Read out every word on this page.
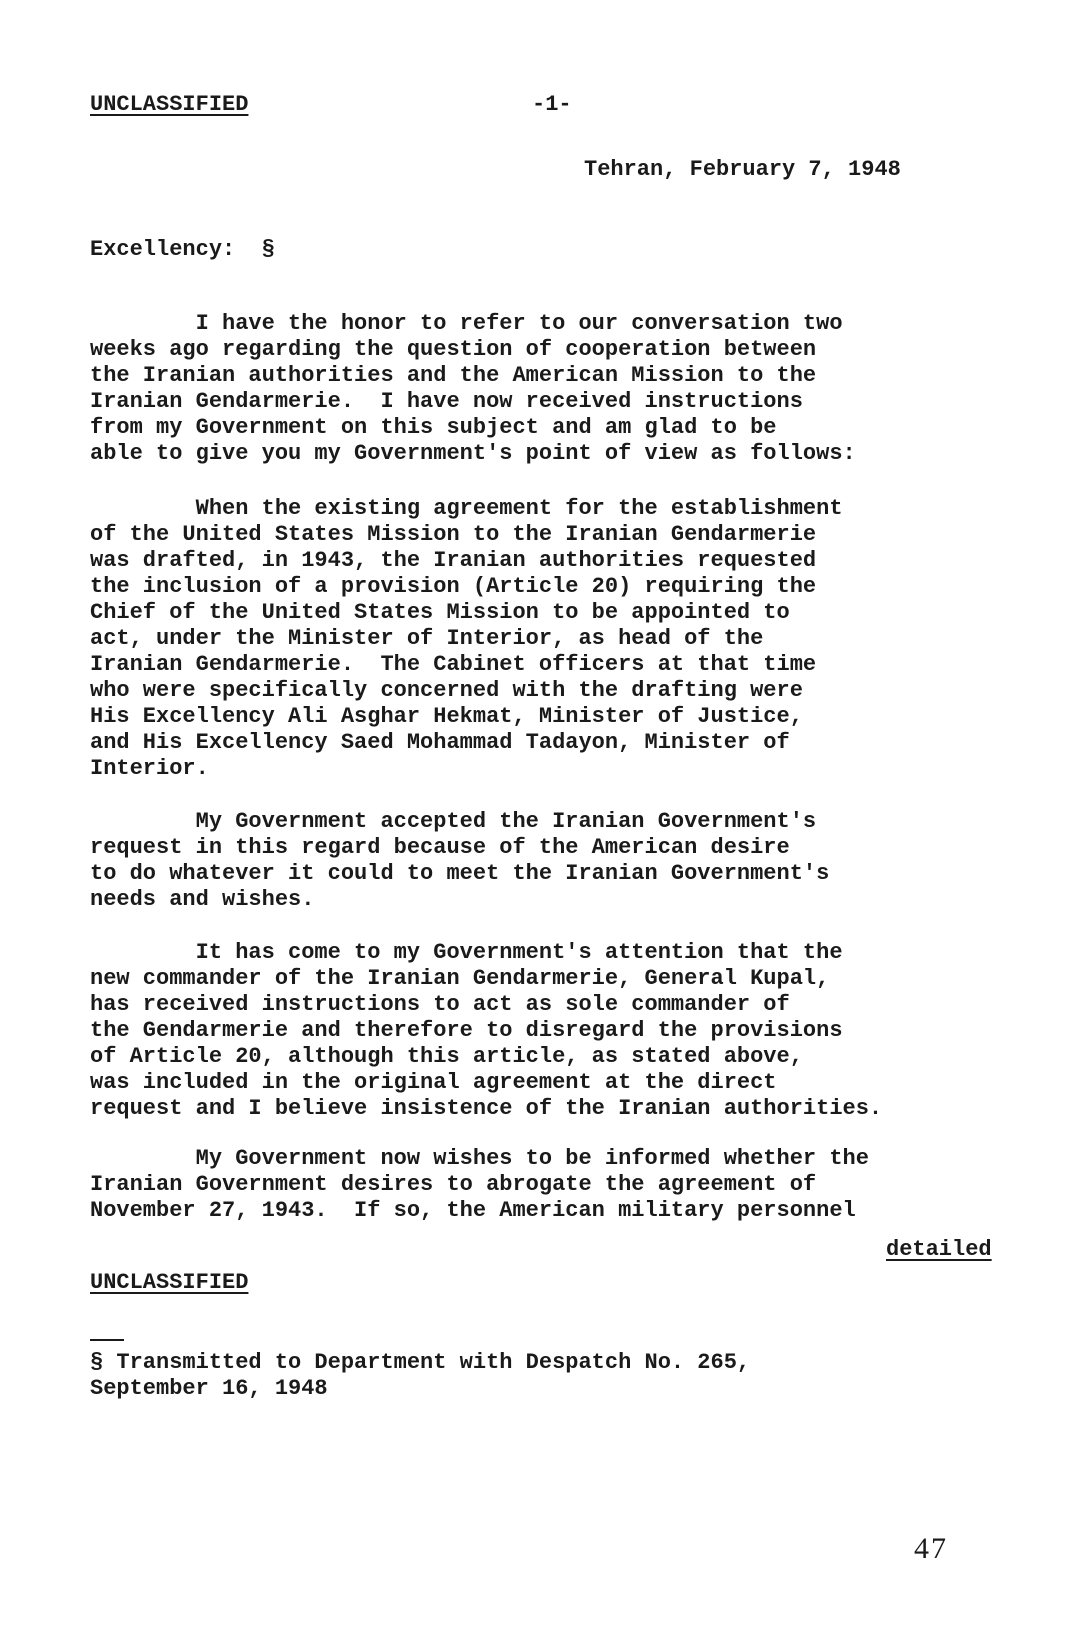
UNCLASSIFIED	-1-
Tehran, February 7, 1948
Excellency:  §
I have the honor to refer to our conversation two
weeks ago regarding the question of cooperation between
the Iranian authorities and the American Mission to the
Iranian Gendarmerie.  I have now received instructions
from my Government on this subject and am glad to be
able to give you my Government's point of view as follows:
When the existing agreement for the establishment
of the United States Mission to the Iranian Gendarmerie
was drafted, in 1943, the Iranian authorities requested
the inclusion of a provision (Article 20) requiring the
Chief of the United States Mission to be appointed to
act, under the Minister of Interior, as head of the
Iranian Gendarmerie.  The Cabinet officers at that time
who were specifically concerned with the drafting were
His Excellency Ali Asghar Hekmat, Minister of Justice,
and His Excellency Saed Mohammad Tadayon, Minister of
Interior.
My Government accepted the Iranian Government's
request in this regard because of the American desire
to do whatever it could to meet the Iranian Government's
needs and wishes.
It has come to my Government's attention that the
new commander of the Iranian Gendarmerie, General Kupal,
has received instructions to act as sole commander of
the Gendarmerie and therefore to disregard the provisions
of Article 20, although this article, as stated above,
was included in the original agreement at the direct
request and I believe insistence of the Iranian authorities.
My Government now wishes to be informed whether the
Iranian Government desires to abrogate the agreement of
November 27, 1943.  If so, the American military personnel
detailed
UNCLASSIFIED
§ Transmitted to Department with Despatch No. 265,
September 16, 1948
47
